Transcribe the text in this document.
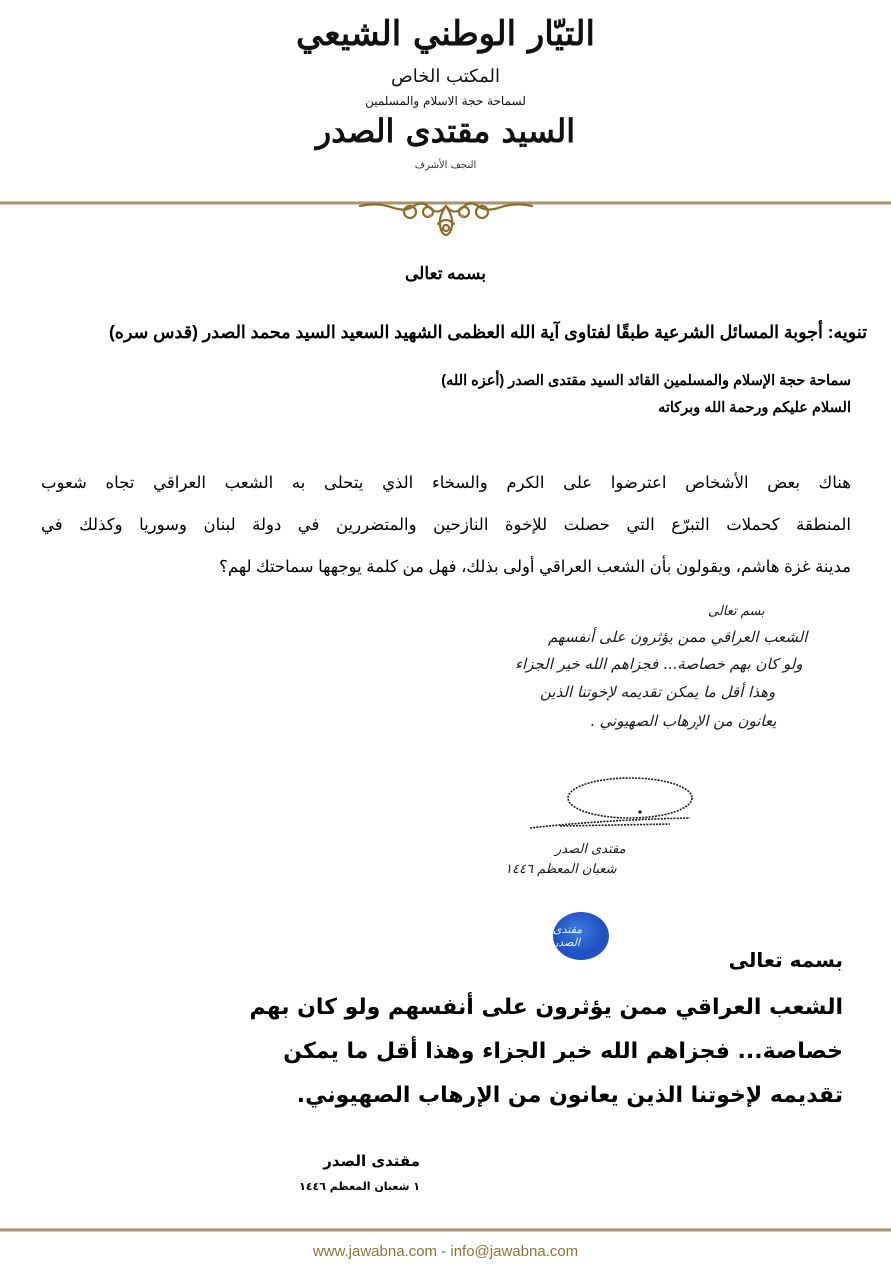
التيّار الوطني الشيعي
المكتب الخاص
لسماحة حجة الاسلام والمسلمين
السيد مقتدى الصدر
النجف الأشرف
بسمه تعالى
تنويه: أجوبة المسائل الشرعية طبقًا لفتاوى آية الله العظمى الشهيد السعيد السيد محمد الصدر (قدس سره)
سماحة حجة الإسلام والمسلمين القائد السيد مقتدى الصدر (أعزه الله)
السلام عليكم ورحمة الله وبركاته
هناك بعض الأشخاص اعترضوا على الكرم والسخاء الذي يتحلى به الشعب العراقي تجاه شعوب
المنطقة كحملات التبرّع التي حصلت للإخوة النازحين والمتضررين في دولة لبنان وسوريا وكذلك في
مدينة غزة هاشم، ويقولون بأن الشعب العراقي أولى بذلك، فهل من كلمة يوجهها سماحتك لهم؟
بسم تعالى
الشعب العراقي ممن يؤثرون على أنفسهم
ولو كان بهم خصاصة... فجزاهم الله خير الجزاء
وهذا أقل ما يمكن تقديمه لإخوتنا الذين
يعانون من الإرهاب الصهيوني .
مقتدى الصدر
شعبان المعظم ١٤٤٦
مقتدى الصدر
بسمه تعالى
الشعب العراقي ممن يؤثرون على أنفسهم ولو كان بهم
خصاصة... فجزاهم الله خير الجزاء وهذا أقل ما يمكن
تقديمه لإخوتنا الذين يعانون من الإرهاب الصهيوني.
مقتدى الصدر
١ شعبان المعظم ١٤٤٦
www.jawabna.com - info@jawabna.com
